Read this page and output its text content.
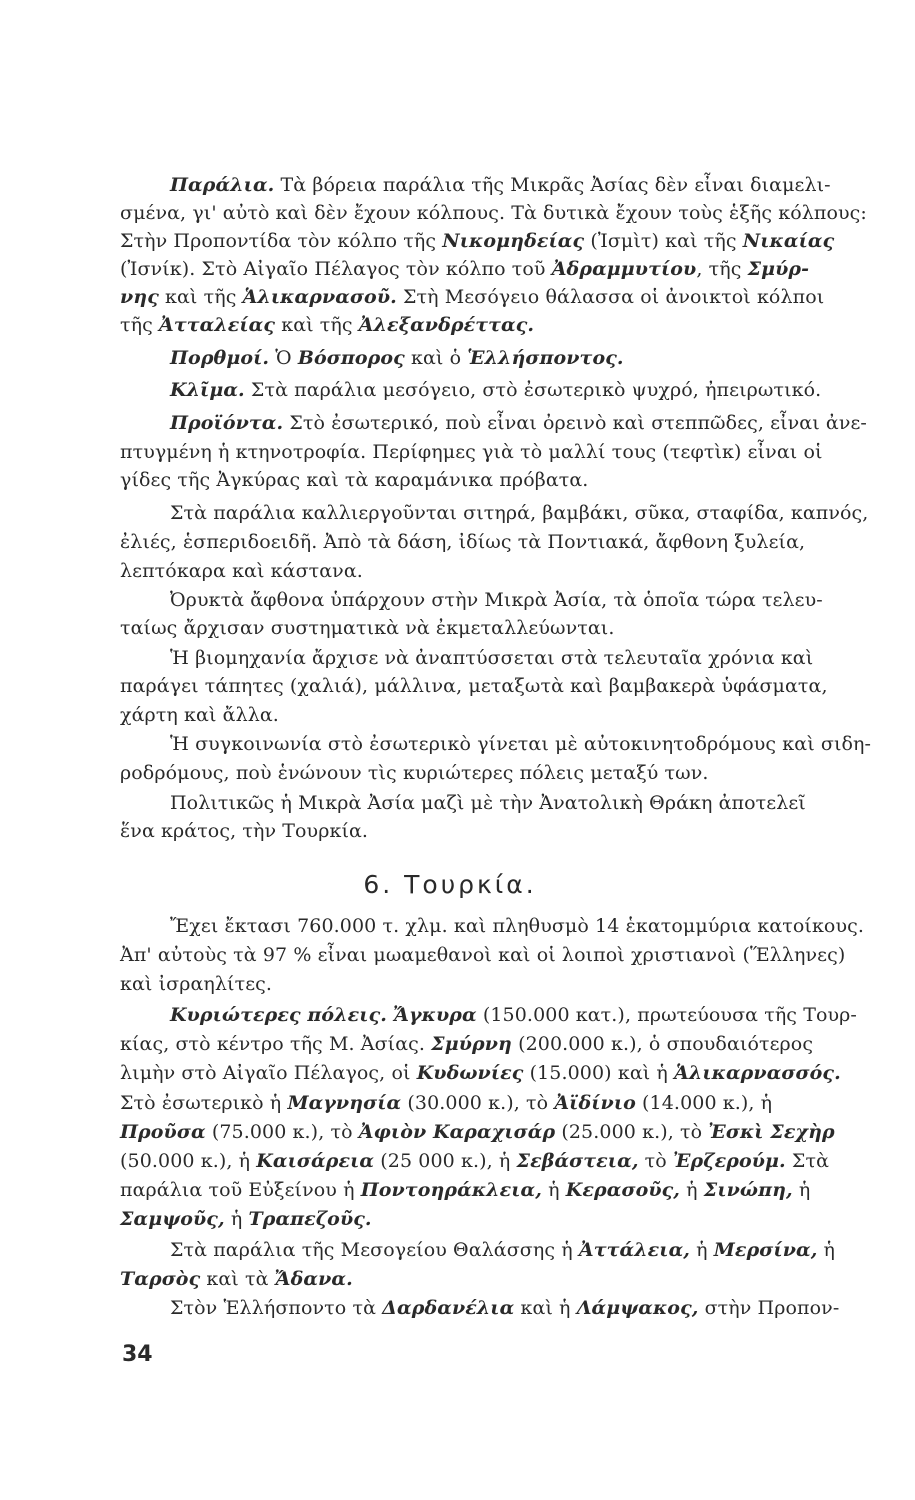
Παράλια. Τὰ βόρεια παράλια τῆς Μικρᾶς Ἀσίας δὲν εἶναι διαμελι-
σμένα, γι' αὐτὸ καὶ δὲν ἔχουν κόλπους. Τὰ δυτικὰ ἔχουν τοὺς ἑξῆς κόλπους:
Στὴν Προποντίδα τὸν κόλπο τῆς Νικομηδείας (Ἰσμὶτ) καὶ τῆς Νικαίας
(Ἰσνίκ). Στὸ Αἰγαῖο Πέλαγος τὸν κόλπο τοῦ Ἀδραμμυτίου, τῆς Σμύρ-
νης καὶ τῆς Ἁλικαρνασοῦ. Στὴ Μεσόγειο θάλασσα οἱ ἀνοικτοὶ κόλποι
τῆς Ἀτταλείας καὶ τῆς Ἀλεξανδρέττας.
Πορθμοί. Ὁ Βόσπορος καὶ ὁ Ἑλλήσποντος.
Κλῖμα. Στὰ παράλια μεσόγειο, στὸ ἐσωτερικὸ ψυχρό, ἠπειρωτικό.
Προϊόντα. Στὸ ἐσωτερικό, ποὺ εἶναι ὀρεινὸ καὶ στεππῶδες, εἶναι ἀνε-
πτυγμένη ἡ κτηνοτροφία. Περίφημες γιὰ τὸ μαλλί τους (τεφτὶκ) εἶναι οἱ
γίδες τῆς Ἀγκύρας καὶ τὰ καραμάνικα πρόβατα.
Στὰ παράλια καλλιεργοῦνται σιτηρά, βαμβάκι, σῦκα, σταφίδα, καπνός,
ἐλιές, ἑσπεριδοειδῆ. Ἀπὸ τὰ δάση, ἰδίως τὰ Ποντιακά, ἄφθονη ξυλεία,
λεπτόκαρα καὶ κάστανα.
Ὀρυκτὰ ἄφθονα ὑπάρχουν στὴν Μικρὰ Ἀσία, τὰ ὁποῖα τώρα τελευ-
ταίως ἄρχισαν συστηματικὰ νὰ ἐκμεταλλεύωνται.
Ἡ βιομηχανία ἄρχισε νὰ ἀναπτύσσεται στὰ τελευταῖα χρόνια καὶ
παράγει τάπητες (χαλιά), μάλλινα, μεταξωτὰ καὶ βαμβακερὰ ὑφάσματα,
χάρτη καὶ ἄλλα.
Ἡ συγκοινωνία στὸ ἐσωτερικὸ γίνεται μὲ αὐτοκινητοδρόμους καὶ σιδη-
ροδρόμους, ποὺ ἑνώνουν τὶς κυριώτερες πόλεις μεταξύ των.
Πολιτικῶς ἡ Μικρὰ Ἀσία μαζὶ μὲ τὴν Ἀνατολικὴ Θράκη ἀποτελεῖ
ἕνα κράτος, τὴν Τουρκία.
6. Τουρκία.
Ἔχει ἔκτασι 760.000 τ. χλμ. καὶ πληθυσμὸ 14 ἑκατομμύρια κατοίκους.
Ἀπ' αὐτοὺς τὰ 97 % εἶναι μωαμεθανοὶ καὶ οἱ λοιποὶ χριστιανοὶ (Ἕλληνες)
καὶ ἰσραηλίτες.
Κυριώτερες πόλεις. Ἄγκυρα (150.000 κατ.), πρωτεύουσα τῆς Τουρ-
κίας, στὸ κέντρο τῆς Μ. Ἀσίας. Σμύρνη (200.000 κ.), ὁ σπουδαιότερος
λιμὴν στὸ Αἰγαῖο Πέλαγος, οἱ Κυδωνίες (15.000) καὶ ἡ Ἁλικαρνασσός.
Στὸ ἐσωτερικὸ ἡ Μαγνησία (30.000 κ.), τὸ Ἀϊδίνιο (14.000 κ.), ἡ
Προῦσα (75.000 κ.), τὸ Ἀφιὸν Καραχισάρ (25.000 κ.), τὸ Ἐσκὶ Σεχὴρ
(50.000 κ.), ἡ Καισάρεια (25 000 κ.), ἡ Σεβάστεια, τὸ Ἐρζερούμ. Στὰ
παράλια τοῦ Εὐξείνου ἡ Ποντοηράκλεια, ἡ Κερασοῦς, ἡ Σινώπη, ἡ
Σαμψοῦς, ἡ Τραπεζοῦς.
Στὰ παράλια τῆς Μεσογείου Θαλάσσης ἡ Ἀττάλεια, ἡ Μερσίνα, ἡ
Ταρσὸς καὶ τὰ Ἄδανα.
Στὸν Ἑλλήσποντο τὰ Δαρδανέλια καὶ ἡ Λάμψακος, στὴν Προπον-
34
